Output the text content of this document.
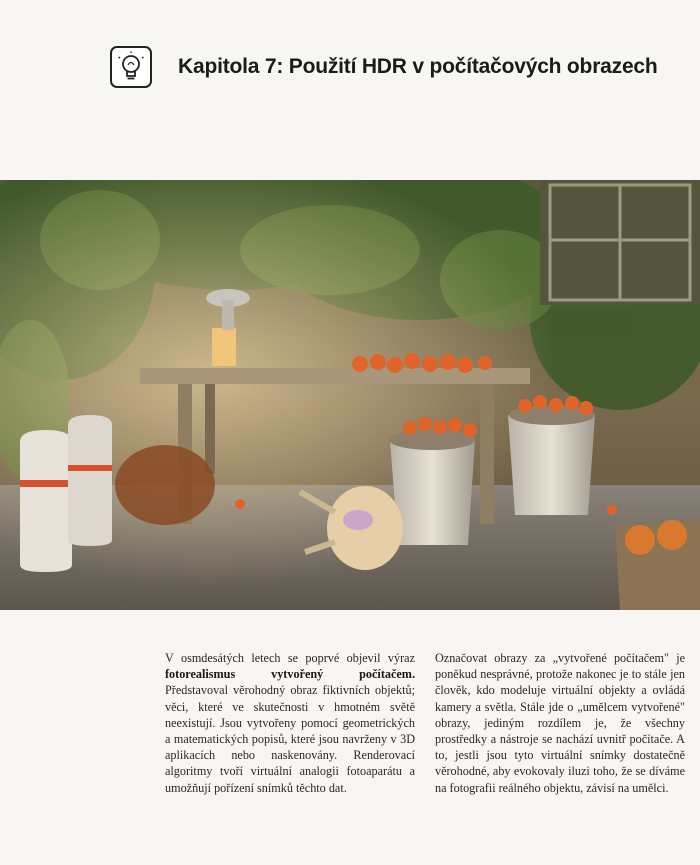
Kapitola 7: Použití HDR v počítačových obrazech

V osmdesátých letech se poprvé objevil výraz fotorealismus vytvořený počítačem. Představoval věrohodný obraz fiktivních objektů; věci, které ve skutečnosti v hmotném světě neexistují. Jsou vytvořeny pomocí geometrických a matematických popisů, které jsou navrženy v 3D aplikacích nebo naskenovány. Renderovací algoritmy tvoří virtuální analogii fotoaparátu a umožňují pořízení snímků těchto dat.

Označovat obrazy za „vytvořené počítačem" je poněkud nesprávné, protože nakonec je to stále jen člověk, kdo modeluje virtuální objekty a ovládá kamery a světla. Stále jde o „umělcem vytvořené" obrazy, jediným rozdílem je, že všechny prostředky a nástroje se nachází uvnitř počítače. A to, jestli jsou tyto virtuální snímky dostatečně věrohodné, aby evokovaly iluzi toho, že se díváme na fotografii reálného objektu, závisí na umělci.
